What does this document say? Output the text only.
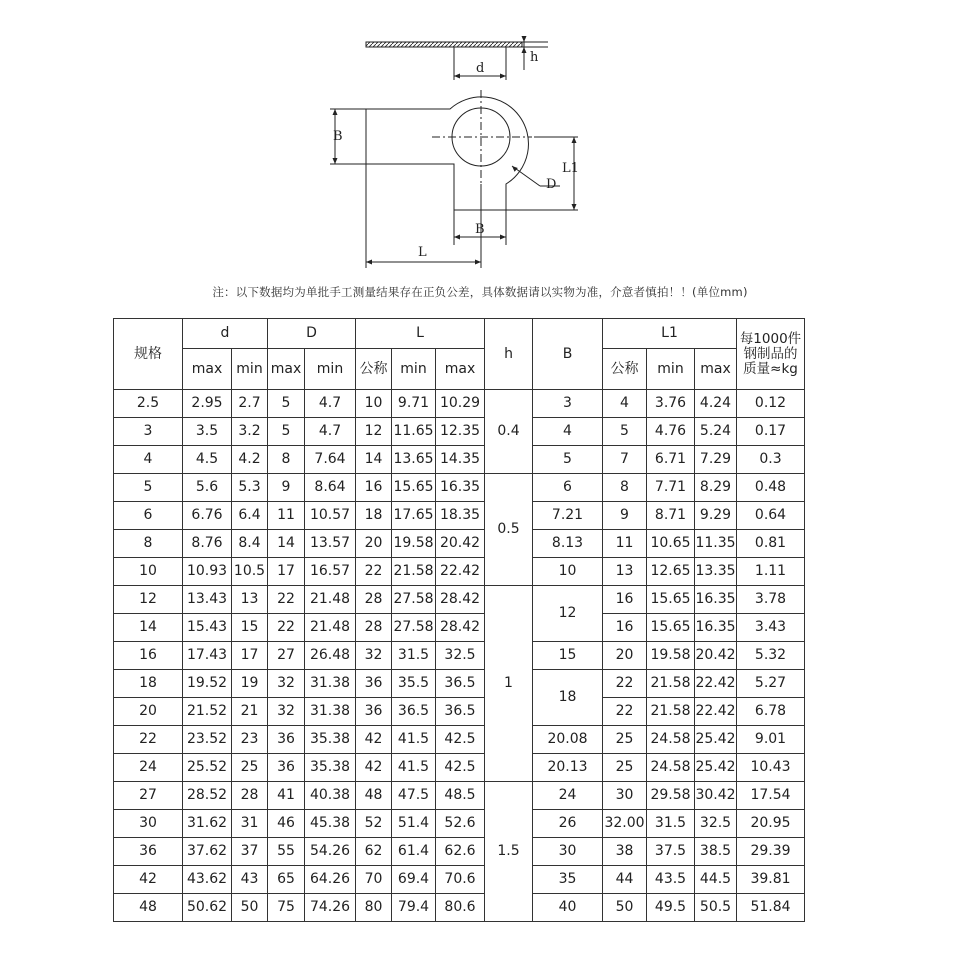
d
h
B
L1
D
B
L
注：以下数据均为单批手工测量结果存在正负公差，具体数据请以实物为准，介意者慎拍！！(单位mm)
规格	d		D		L			h	B	L1			每1000件
钢制品的
质量≈kg
	max	min	max	min	公称	min	max			公称	min	max	
2.5	2.95	2.7	5	4.7	10	9.71	10.29	0.4	3	4	3.76	4.24	0.12
3	3.5	3.2	5	4.7	12	11.65	12.35		4	5	4.76	5.24	0.17
4	4.5	4.2	8	7.64	14	13.65	14.35		5	7	6.71	7.29	0.3
5	5.6	5.3	9	8.64	16	15.65	16.35	0.5	6	8	7.71	8.29	0.48
6	6.76	6.4	11	10.57	18	17.65	18.35		7.21	9	8.71	9.29	0.64
8	8.76	8.4	14	13.57	20	19.58	20.42		8.13	11	10.65	11.35	0.81
10	10.93	10.5	17	16.57	22	21.58	22.42		10	13	12.65	13.35	1.11
12	13.43	13	22	21.48	28	27.58	28.42	1	12	16	15.65	16.35	3.78
14	15.43	15	22	21.48	28	27.58	28.42			16	15.65	16.35	3.43
16	17.43	17	27	26.48	32	31.5	32.5		15	20	19.58	20.42	5.32
18	19.52	19	32	31.38	36	35.5	36.5		18	22	21.58	22.42	5.27
20	21.52	21	32	31.38	36	36.5	36.5			22	21.58	22.42	6.78
22	23.52	23	36	35.38	42	41.5	42.5		20.08	25	24.58	25.42	9.01
24	25.52	25	36	35.38	42	41.5	42.5		20.13	25	24.58	25.42	10.43
27	28.52	28	41	40.38	48	47.5	48.5	1.5	24	30	29.58	30.42	17.54
30	31.62	31	46	45.38	52	51.4	52.6		26	32.00	31.5	32.5	20.95
36	37.62	37	55	54.26	62	61.4	62.6		30	38	37.5	38.5	29.39
42	43.62	43	65	64.26	70	69.4	70.6		35	44	43.5	44.5	39.81
48	50.62	50	75	74.26	80	79.4	80.6		40	50	49.5	50.5	51.84
